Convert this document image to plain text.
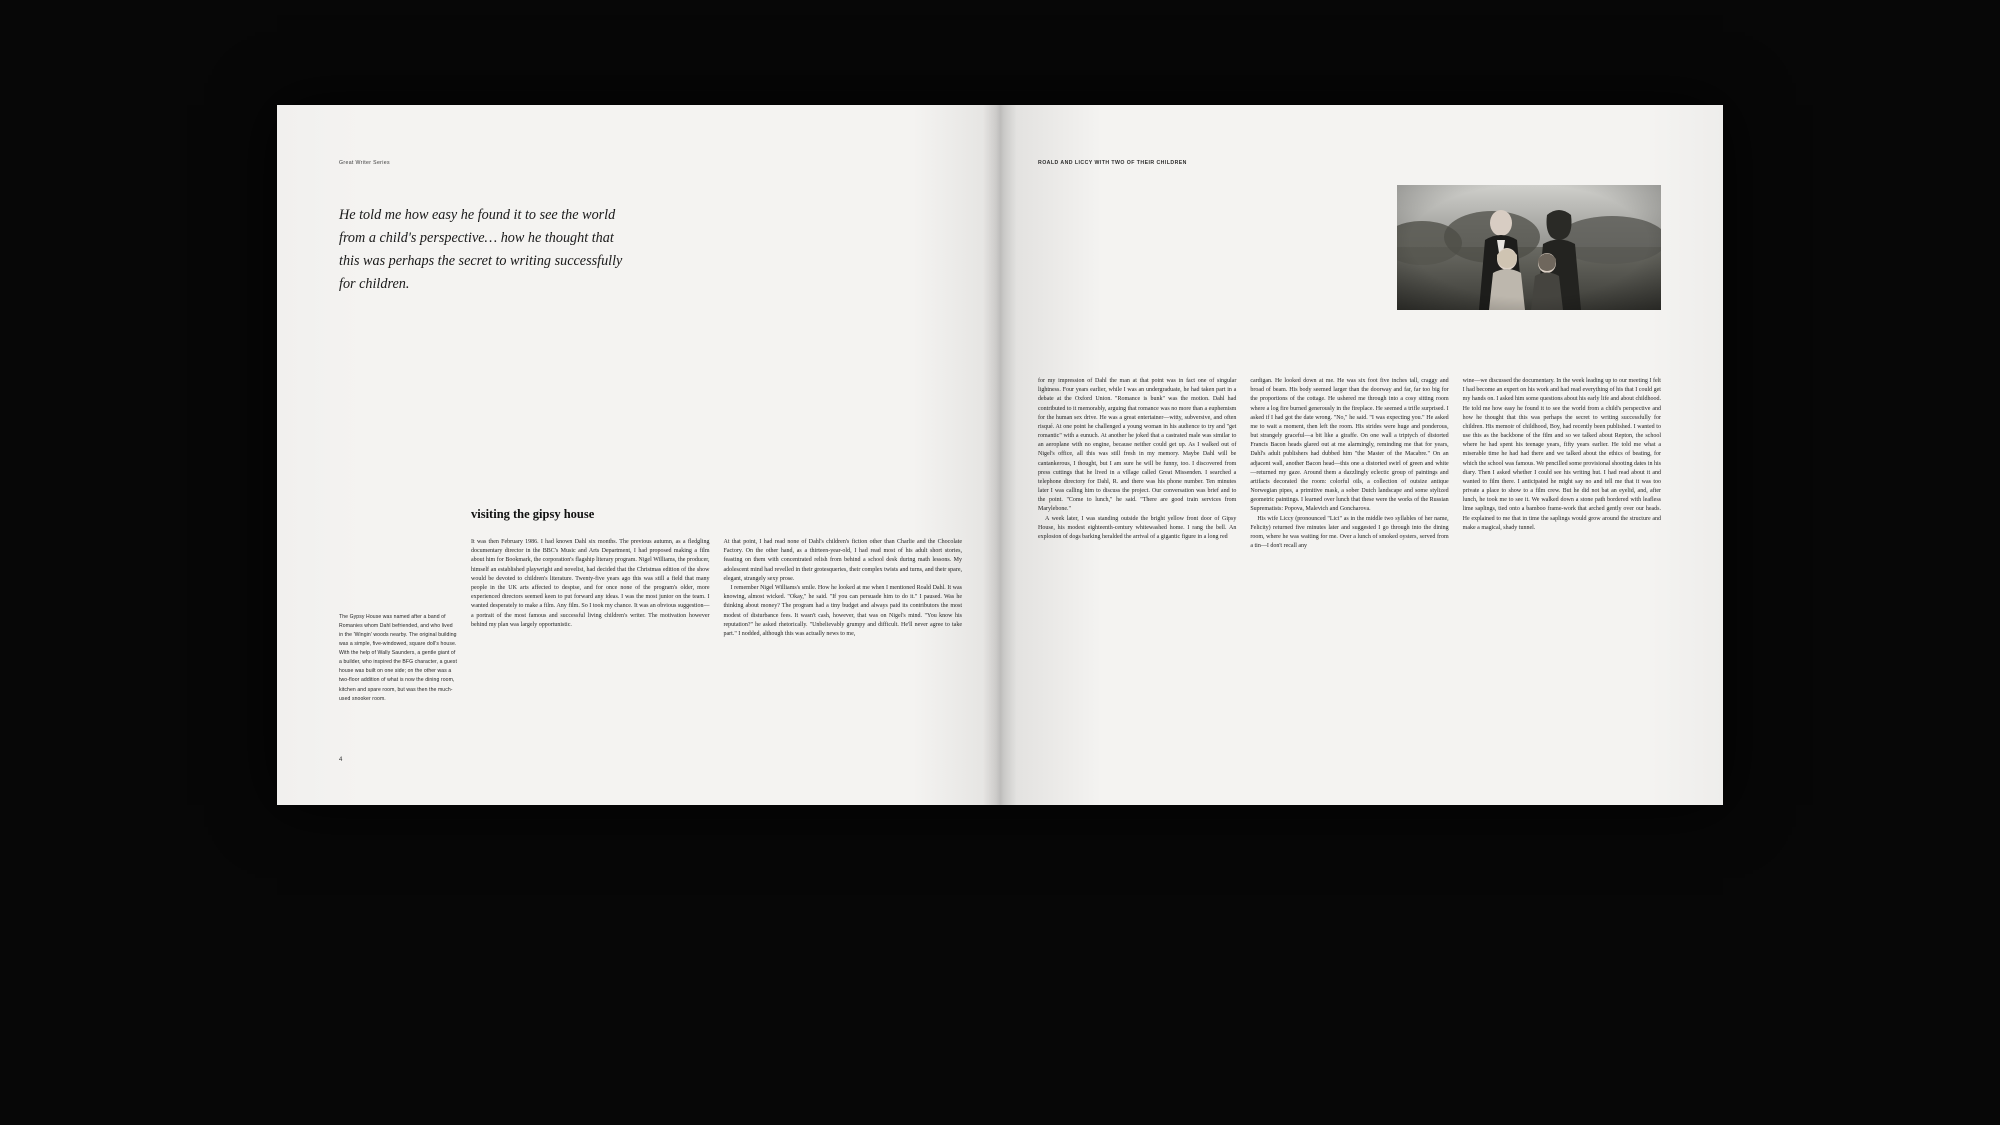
Great Writer Series
He told me how easy he found it to see the world from a child's perspective… how he thought that this was perhaps the secret to writing successfully for children.
The Gypsy House was named after a band of Romanies whom Dahl befriended, and who lived in the 'Wingin' woods nearby. The original building was a simple, five-windowed, square doll's house. With the help of Wally Saunders, a gentle giant of a builder, who inspired the BFG character, a guest house was built on one side; on the other was a two-floor addition of what is now the dining room, kitchen and spare room, but was then the much-used snooker room.
visiting the gipsy house

It was then February 1986. I had known Dahl six months. The previous autumn, as a fledgling documentary director in the BBC's Music and Arts Department, I had proposed making a film about him for Bookmark, the corporation's flagship literary program. Nigel Williams, the producer, himself an established playwright and novelist, had decided that the Christmas edition of the show would be devoted to children's literature. Twenty-five years ago this was still a field that many people in the UK arts affected to despise, and for once none of the program's older, more experienced directors seemed keen to put forward any ideas. I was the most junior on the team. I wanted desperately to make a film. Any film. So I took my chance. It was an obvious suggestion—a portrait of the most famous and successful living children's writer. The motivation however behind my plan was largely opportunistic.

At that point, I had read none of Dahl's children's fiction other than Charlie and the Chocolate Factory. On the other hand, as a thirteen-year-old, I had read most of his adult short stories, feasting on them with concentrated relish from behind a school desk during math lessons. My adolescent mind had revelled in their grotesqueries, their complex twists and turns, and their spare, elegant, strangely sexy prose.

I remember Nigel Williams's smile. How he looked at me when I mentioned Roald Dahl. It was knowing, almost wicked. "Okay," he said. "If you can persuade him to do it." I paused. Was he thinking about money? The program had a tiny budget and always paid its contributors the most modest of disturbance fees. It wasn't cash, however, that was on Nigel's mind. "You know his reputation?" he asked rhetorically. "Unbelievably grumpy and difficult. He'll never agree to take part." I nodded, although this was actually news to me,

4
ROALD AND LICCY WITH TWO OF THEIR CHILDREN

for my impression of Dahl the man at that point was in fact one of singular lightness. Four years earlier, while I was an undergraduate, he had taken part in a debate at the Oxford Union. "Romance is bunk" was the motion. Dahl had contributed to it memorably, arguing that romance was no more than a euphemism for the human sex drive. He was a great entertainer—witty, subversive, and often risqué. At one point he challenged a young woman in his audience to try and "get romantic" with a eunuch. At another he joked that a castrated male was similar to an aeroplane with no engine, because neither could get up. As I walked out of Nigel's office, all this was still fresh in my memory. Maybe Dahl will be cantankerous, I thought, but I am sure he will be funny, too. I discovered from press cuttings that he lived in a village called Great Missenden. I searched a telephone directory for Dahl, R. and there was his phone number. Ten minutes later I was calling him to discuss the project. Our conversation was brief and to the point. "Come to lunch," he said. "There are good train services from Marylebone."

A week later, I was standing outside the bright yellow front door of Gipsy House, his modest eighteenth-century whitewashed home. I rang the bell. An explosion of dogs barking heralded the arrival of a gigantic figure in a long red

cardigan. He looked down at me. He was six foot five inches tall, craggy and broad of beam. His body seemed larger than the doorway and far, far too big for the proportions of the cottage. He ushered me through into a cosy sitting room where a log fire burned generously in the fireplace. He seemed a trifle surprised. I asked if I had got the date wrong. "No," he said. "I was expecting you." He asked me to wait a moment, then left the room. His strides were huge and ponderous, but strangely graceful—a bit like a giraffe. On one wall a triptych of distorted Francis Bacon heads glared out at me alarmingly, reminding me that for years, Dahl's adult publishers had dubbed him "the Master of the Macabre." On an adjacent wall, another Bacon head—this one a distorted swirl of green and white—returned my gaze. Around them a dazzlingly eclectic group of paintings and artifacts decorated the room: colorful oils, a collection of outsize antique Norwegian pipes, a primitive mask, a sober Dutch landscape and some stylized geometric paintings. I learned over lunch that these were the works of the Russian Suprematists: Popova, Malevich and Goncharova.

His wife Liccy (pronounced "Lici" as in the middle two syllables of her name, Felicity) returned five minutes later and suggested I go through into the dining room, where he was waiting for me. Over a lunch of smoked oysters, served from a tin—I don't recall any

wine—we discussed the documentary. In the week leading up to our meeting I felt I had become an expert on his work and had read everything of his that I could get my hands on. I asked him some questions about his early life and about childhood. He told me how easy he found it to see the world from a child's perspective and how he thought that this was perhaps the secret to writing successfully for children. His memoir of childhood, Boy, had recently been published. I wanted to use this as the backbone of the film and so we talked about Repton, the school where he had spent his teenage years, fifty years earlier. He told me what a miserable time he had had there and we talked about the ethics of beating, for which the school was famous. We pencilled some provisional shooting dates in his diary. Then I asked whether I could see his writing hut. I had read about it and wanted to film there. I anticipated he might say no and tell me that it was too private a place to show to a film crew. But he did not bat an eyelid, and, after lunch, he took me to see it. We walked down a stone path bordered with leafless lime saplings, tied onto a bamboo frame-work that arched gently over our heads. He explained to me that in time the saplings would grow around the structure and make a magical, shady tunnel.
